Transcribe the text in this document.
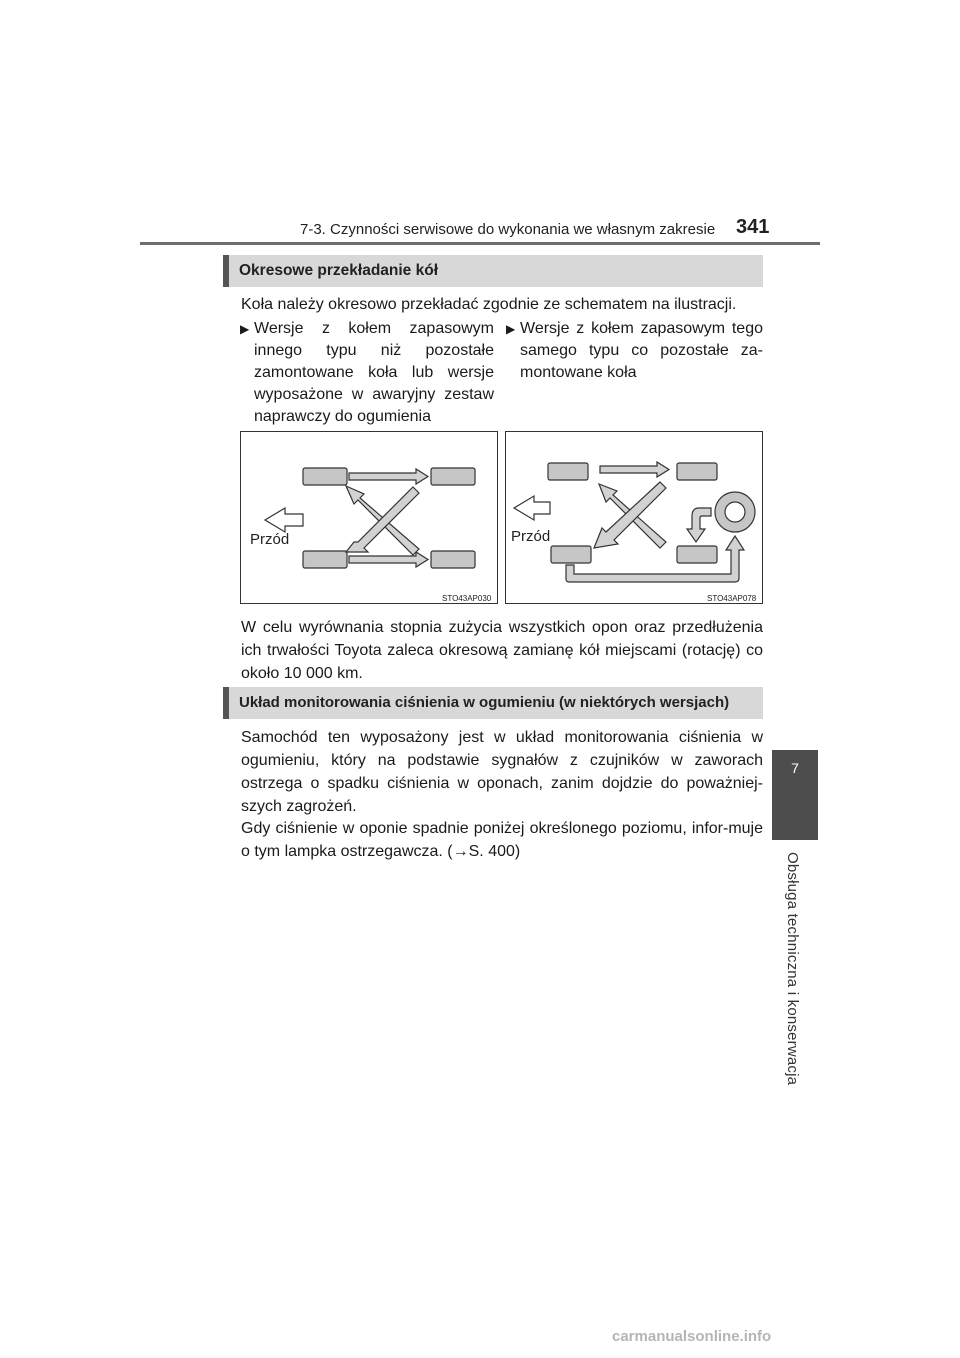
7-3. Czynności serwisowe do wykonania we własnym zakresie 341
7
Obsługa techniczna i konserwacja
Okresowe przekładanie kół
Koła należy okresowo przekładać zgodnie ze schematem na ilustracji.
▶ Wersje z kołem zapasowym innego typu niż pozostałe zamontowane koła lub wersje wyposażone w awaryjny zestaw naprawczy do ogumienia
▶ Wersje z kołem zapasowym tego samego typu co pozostałe za-montowane koła
Przód
STO43AP030
Przód
STO43AP078
W celu wyrównania stopnia zużycia wszystkich opon oraz przedłużenia ich trwałości Toyota zaleca okresową zamianę kół miejscami (rotację) co około 10 000 km.
Układ monitorowania ciśnienia w ogumieniu (w niektórych wersjach)
Samochód ten wyposażony jest w układ monitorowania ciśnienia w ogumieniu, który na podstawie sygnałów z czujników w zaworach ostrzega o spadku ciśnienia w oponach, zanim dojdzie do poważniej-szych zagrożeń.
Gdy ciśnienie w oponie spadnie poniżej określonego poziomu, infor-muje o tym lampka ostrzegawcza. (→S. 400)
carmanualsonline.info
